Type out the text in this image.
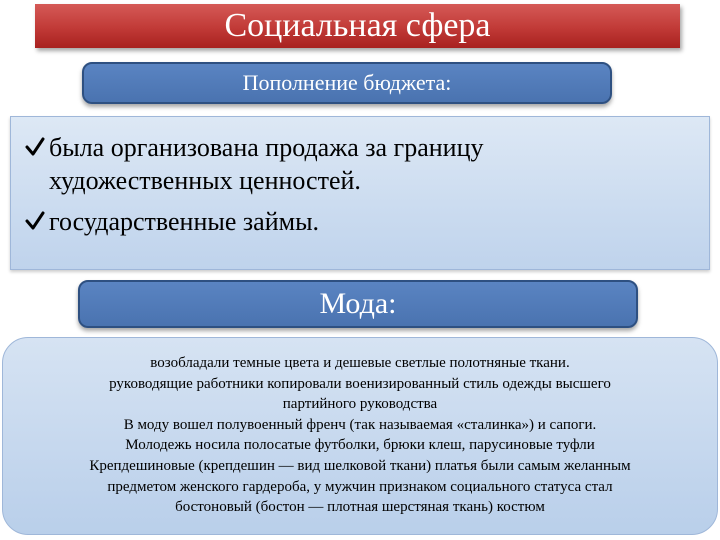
Социальная сфера
Пополнение бюджета:
была организована продажа за границу
художественных ценностей.
государственные займы.
Мода:
возобладали темные цвета и дешевые светлые полотняные ткани.
руководящие работники копировали военизированный стиль одежды высшего
партийного руководства
В моду вошел полувоенный френч (так называемая «сталинка») и сапоги.
Молодежь носила полосатые футболки, брюки клеш, парусиновые туфли
Крепдешиновые (крепдешин — вид шелковой ткани) платья были самым желанным
предметом женского гардероба, у мужчин признаком социального статуса стал
бостоновый (бостон — плотная шерстяная ткань) костюм
